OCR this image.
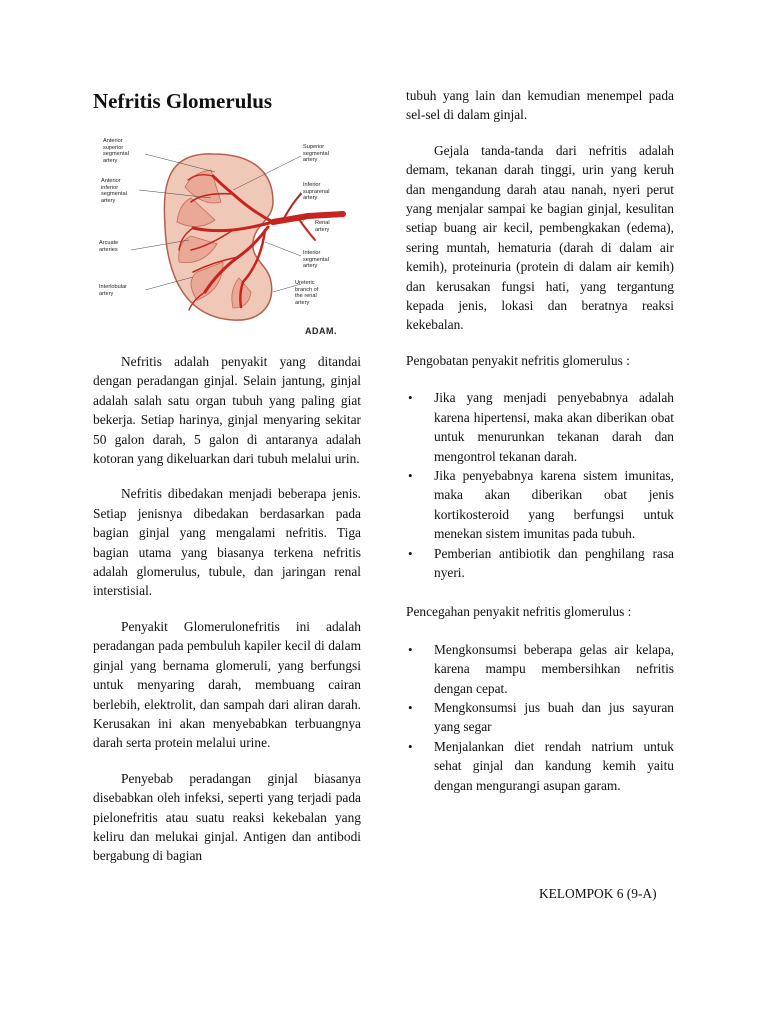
Nefritis Glomerulus
Anterior
superior
segmental
artery
Anterior
inferior
segmental
artery
Arcuate
arteries
Interlobular
artery
Superior
segmental
artery
Inferior
suprarenal
artery
Renal
artery
Interior
segmental
artery
Ureteric
branch of
the renal
artery
ADAM.

Nefritis adalah penyakit yang ditandai dengan peradangan ginjal. Selain jantung, ginjal adalah salah satu organ tubuh yang paling giat bekerja. Setiap harinya, ginjal menyaring sekitar 50 galon darah, 5 galon di antaranya adalah kotoran yang dikeluarkan dari tubuh melalui urin.

Nefritis dibedakan menjadi beberapa jenis. Setiap jenisnya dibedakan berdasarkan pada bagian ginjal yang mengalami nefritis. Tiga bagian utama yang biasanya terkena nefritis adalah glomerulus, tubule, dan jaringan renal interstisial.

Penyakit Glomerulonefritis ini adalah peradangan pada pembuluh kapiler kecil di dalam ginjal yang bernama glomeruli, yang berfungsi untuk menyaring darah, membuang cairan berlebih, elektrolit, dan sampah dari aliran darah. Kerusakan ini akan menyebabkan terbuangnya darah serta protein melalui urine.

Penyebab peradangan ginjal biasanya disebabkan oleh infeksi, seperti yang terjadi pada pielonefritis atau suatu reaksi kekebalan yang keliru dan melukai ginjal. Antigen dan antibodi bergabung di bagian

tubuh yang lain dan kemudian menempel pada sel-sel di dalam ginjal.

Gejala tanda-tanda dari nefritis adalah demam, tekanan darah tinggi, urin yang keruh dan mengandung darah atau nanah, nyeri perut yang menjalar sampai ke bagian ginjal, kesulitan setiap buang air kecil, pembengkakan (edema), sering muntah, hematuria (darah di dalam air kemih), proteinuria (protein di dalam air kemih) dan kerusakan fungsi hati, yang tergantung kepada jenis, lokasi dan beratnya reaksi kekebalan.

Pengobatan penyakit nefritis glomerulus :

• Jika yang menjadi penyebabnya adalah karena hipertensi, maka akan diberikan obat untuk menurunkan tekanan darah dan mengontrol tekanan darah.
• Jika penyebabnya karena sistem imunitas, maka akan diberikan obat jenis kortikosteroid yang berfungsi untuk menekan sistem imunitas pada tubuh.
• Pemberian antibiotik dan penghilang rasa nyeri.

Pencegahan penyakit nefritis glomerulus :

• Mengkonsumsi beberapa gelas air kelapa, karena mampu membersihkan nefritis dengan cepat.
• Mengkonsumsi jus buah dan jus sayuran yang segar
• Menjalankan diet rendah natrium untuk sehat ginjal dan kandung kemih yaitu dengan mengurangi asupan garam.
KELOMPOK 6 (9-A)
